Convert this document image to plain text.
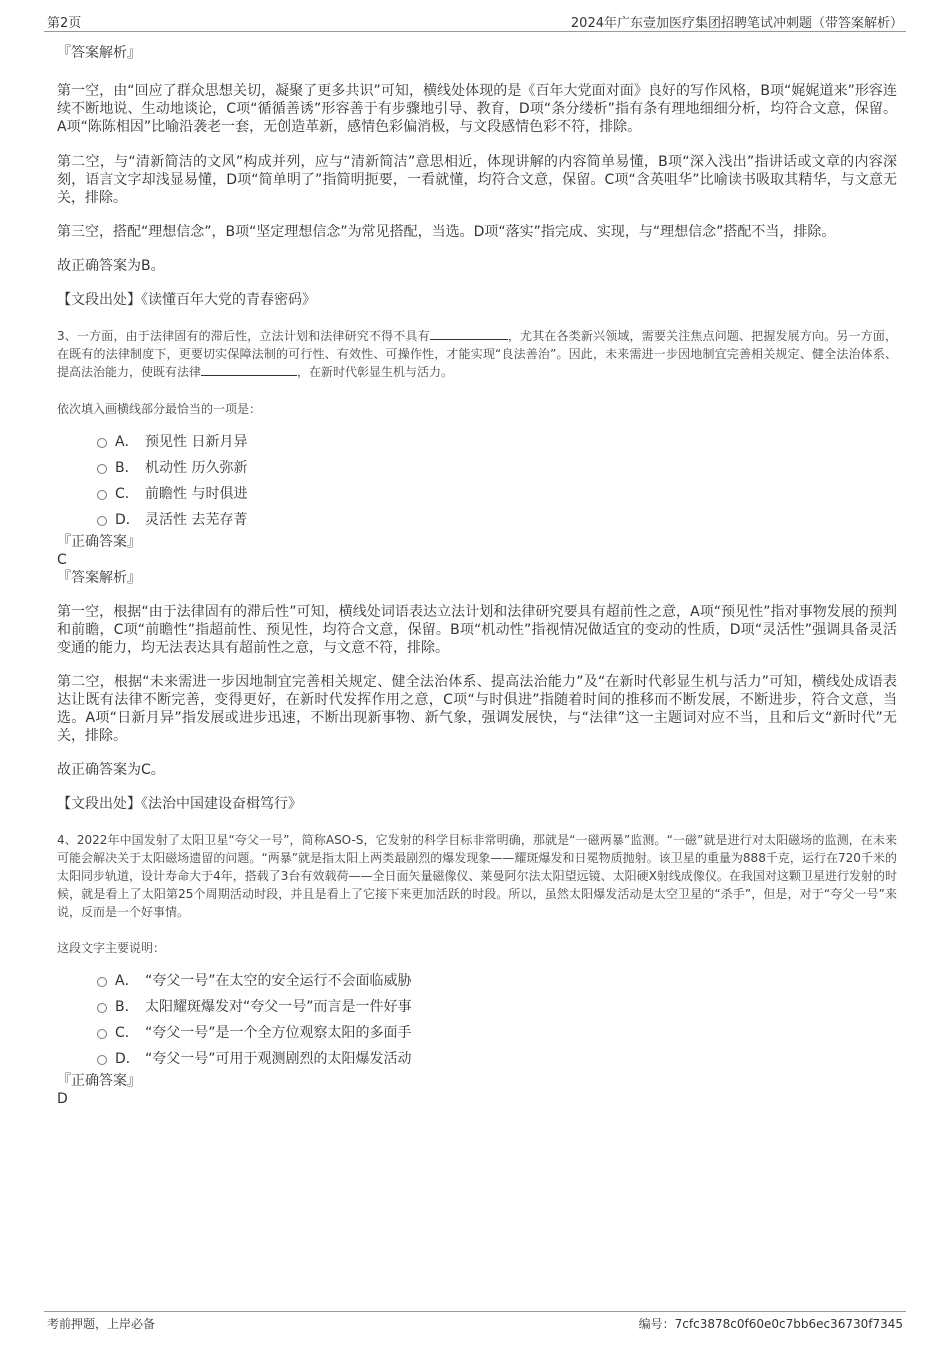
第2页	2024年广东壹加医疗集团招聘笔试冲刺题（带答案解析）

『答案解析』

第一空，由“回应了群众思想关切，凝聚了更多共识”可知，横线处体现的是《百年大党面对面》良好的写作风格，B项“娓娓道来”形容连续不断地说、生动地谈论，C项“循循善诱”形容善于有步骤地引导、教育，D项“条分缕析”指有条有理地细细分析，均符合文意，保留。A项“陈陈相因”比喻沿袭老一套，无创造革新，感情色彩偏消极，与文段感情色彩不符，排除。

第二空，与“清新简洁的文风”构成并列，应与“清新简洁”意思相近，体现讲解的内容简单易懂，B项“深入浅出”指讲话或文章的内容深刻，语言文字却浅显易懂，D项“简单明了”指简明扼要，一看就懂，均符合文意，保留。C项“含英咀华”比喻读书吸取其精华，与文意无关，排除。

第三空，搭配“理想信念”，B项“坚定理想信念”为常见搭配，当选。D项“落实”指完成、实现，与“理想信念”搭配不当，排除。

故正确答案为B。

【文段出处】《读懂百年大党的青春密码》

3、一方面，由于法律固有的滞后性，立法计划和法律研究不得不具有	，尤其在各类新兴领域，需要关注焦点问题、把握发展方向。另一方面，在既有的法律制度下，更要切实保障法制的可行性、有效性、可操作性，才能实现“良法善治”。因此，未来需进一步因地制宜完善相关规定、健全法治体系、提高法治能力，使既有法律	，在新时代彰显生机与活力。

依次填入画横线部分最恰当的一项是：

A． 预见性 日新月异
B． 机动性 历久弥新
C． 前瞻性 与时俱进
D． 灵活性 去芜存菁

『正确答案』

C

『答案解析』

第一空，根据“由于法律固有的滞后性”可知，横线处词语表达立法计划和法律研究要具有超前性之意，A项“预见性”指对事物发展的预判和前瞻，C项“前瞻性”指超前性、预见性，均符合文意，保留。B项“机动性”指视情况做适宜的变动的性质，D项“灵活性”强调具备灵活变通的能力，均无法表达具有超前性之意，与文意不符，排除。

第二空，根据“未来需进一步因地制宜完善相关规定、健全法治体系、提高法治能力”及“在新时代彰显生机与活力”可知，横线处成语表达让既有法律不断完善，变得更好，在新时代发挥作用之意，C项“与时俱进”指随着时间的推移而不断发展，不断进步，符合文意，当选。A项“日新月异”指发展或进步迅速，不断出现新事物、新气象，强调发展快，与“法律”这一主题词对应不当，且和后文“新时代”无关，排除。

故正确答案为C。

【文段出处】《法治中国建设奋楫笃行》

4、2022年中国发射了太阳卫星“夸父一号”，简称ASO-S，它发射的科学目标非常明确，那就是“一磁两暴”监测。“一磁”就是进行对太阳磁场的监测，在未来可能会解决关于太阳磁场遗留的问题。“两暴”就是指太阳上两类最剧烈的爆发现象——耀斑爆发和日冕物质抛射。该卫星的重量为888千克，运行在720千米的太阳同步轨道，设计寿命大于4年，搭载了3台有效载荷——全日面矢量磁像仪、莱曼阿尔法太阳望远镜、太阳硬X射线成像仪。在我国对这颗卫星进行发射的时候，就是看上了太阳第25个周期活动时段，并且是看上了它接下来更加活跃的时段。所以，虽然太阳爆发活动是太空卫星的“杀手”，但是，对于“夸父一号”来说，反而是一个好事情。

这段文字主要说明：

A． “夸父一号”在太空的安全运行不会面临威胁
B． 太阳耀斑爆发对“夸父一号”而言是一件好事
C． “夸父一号”是一个全方位观察太阳的多面手
D． “夸父一号”可用于观测剧烈的太阳爆发活动

『正确答案』

D

考前押题，上岸必备	编号：7cfc3878c0f60e0c7bb6ec36730f7345
